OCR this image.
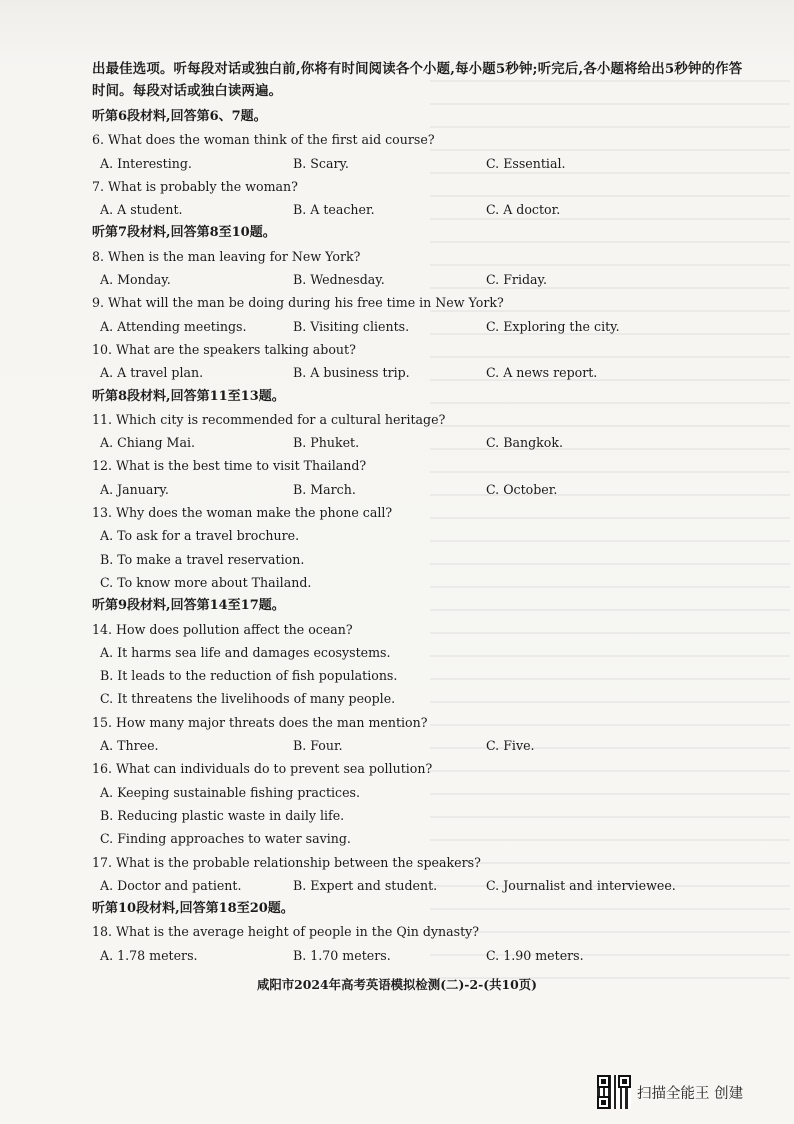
出最佳选项。听每段对话或独白前,你将有时间阅读各个小题,每小题5秒钟;听完后,各小题将给出5秒钟的作答时间。每段对话或独白读两遍。
听第6段材料,回答第6、7题。
6. What does the woman think of the first aid course?
A. Interesting.	B. Scary.	C. Essential.
7. What is probably the woman?
A. A student.	B. A teacher.	C. A doctor.
听第7段材料,回答第8至10题。
8. When is the man leaving for New York?
A. Monday.	B. Wednesday.	C. Friday.
9. What will the man be doing during his free time in New York?
A. Attending meetings.	B. Visiting clients.	C. Exploring the city.
10. What are the speakers talking about?
A. A travel plan.	B. A business trip.	C. A news report.
听第8段材料,回答第11至13题。
11. Which city is recommended for a cultural heritage?
A. Chiang Mai.	B. Phuket.	C. Bangkok.
12. What is the best time to visit Thailand?
A. January.	B. March.	C. October.
13. Why does the woman make the phone call?
A. To ask for a travel brochure.
B. To make a travel reservation.
C. To know more about Thailand.
听第9段材料,回答第14至17题。
14. How does pollution affect the ocean?
A. It harms sea life and damages ecosystems.
B. It leads to the reduction of fish populations.
C. It threatens the livelihoods of many people.
15. How many major threats does the man mention?
A. Three.	B. Four.	C. Five.
16. What can individuals do to prevent sea pollution?
A. Keeping sustainable fishing practices.
B. Reducing plastic waste in daily life.
C. Finding approaches to water saving.
17. What is the probable relationship between the speakers?
A. Doctor and patient.	B. Expert and student.	C. Journalist and interviewee.
听第10段材料,回答第18至20题。
18. What is the average height of people in the Qin dynasty?
A. 1.78 meters.	B. 1.70 meters.	C. 1.90 meters.
咸阳市2024年高考英语模拟检测(二)-2-(共10页)
扫描全能王 创建
